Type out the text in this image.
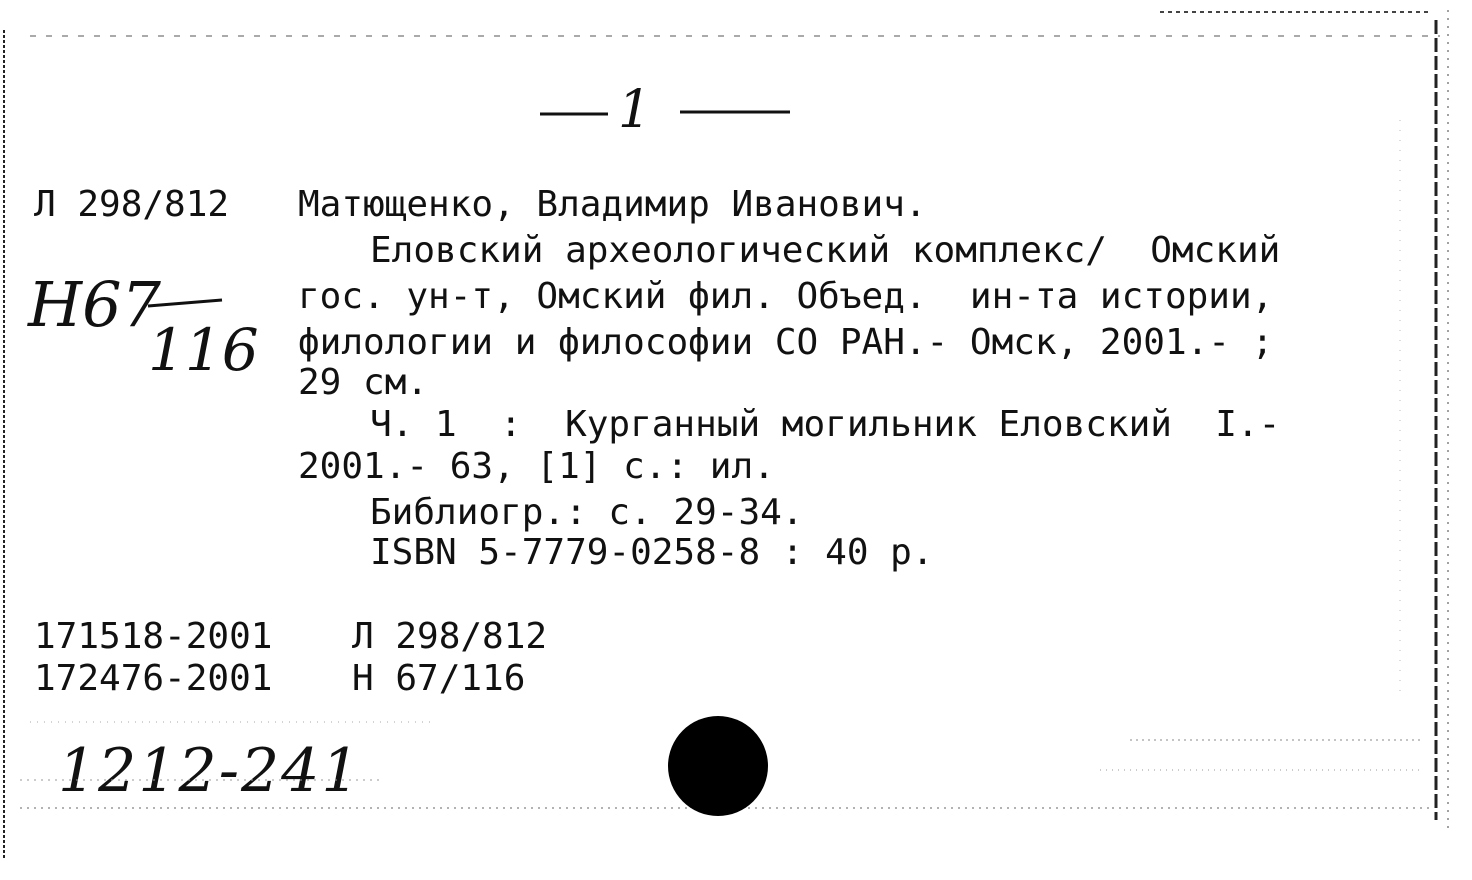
1
Л 298/812
Н67
116
Матющенко, Владимир Иванович.
Еловский археологический комплекс/  Омский
гос. ун-т, Омский фил. Объед.  ин-та истории,
филологии и философии СО РАН.- Омск, 2001.- ;
29 см.
Ч. 1  :  Курганный могильник Еловский  I.-
2001.- 63, [1] с.: ил.
Библиогр.: с. 29-34.
ISBN 5-7779-0258-8 : 40 р.
171518-2001 Л 298/812
172476-2001 Н 67/116
1212-241
